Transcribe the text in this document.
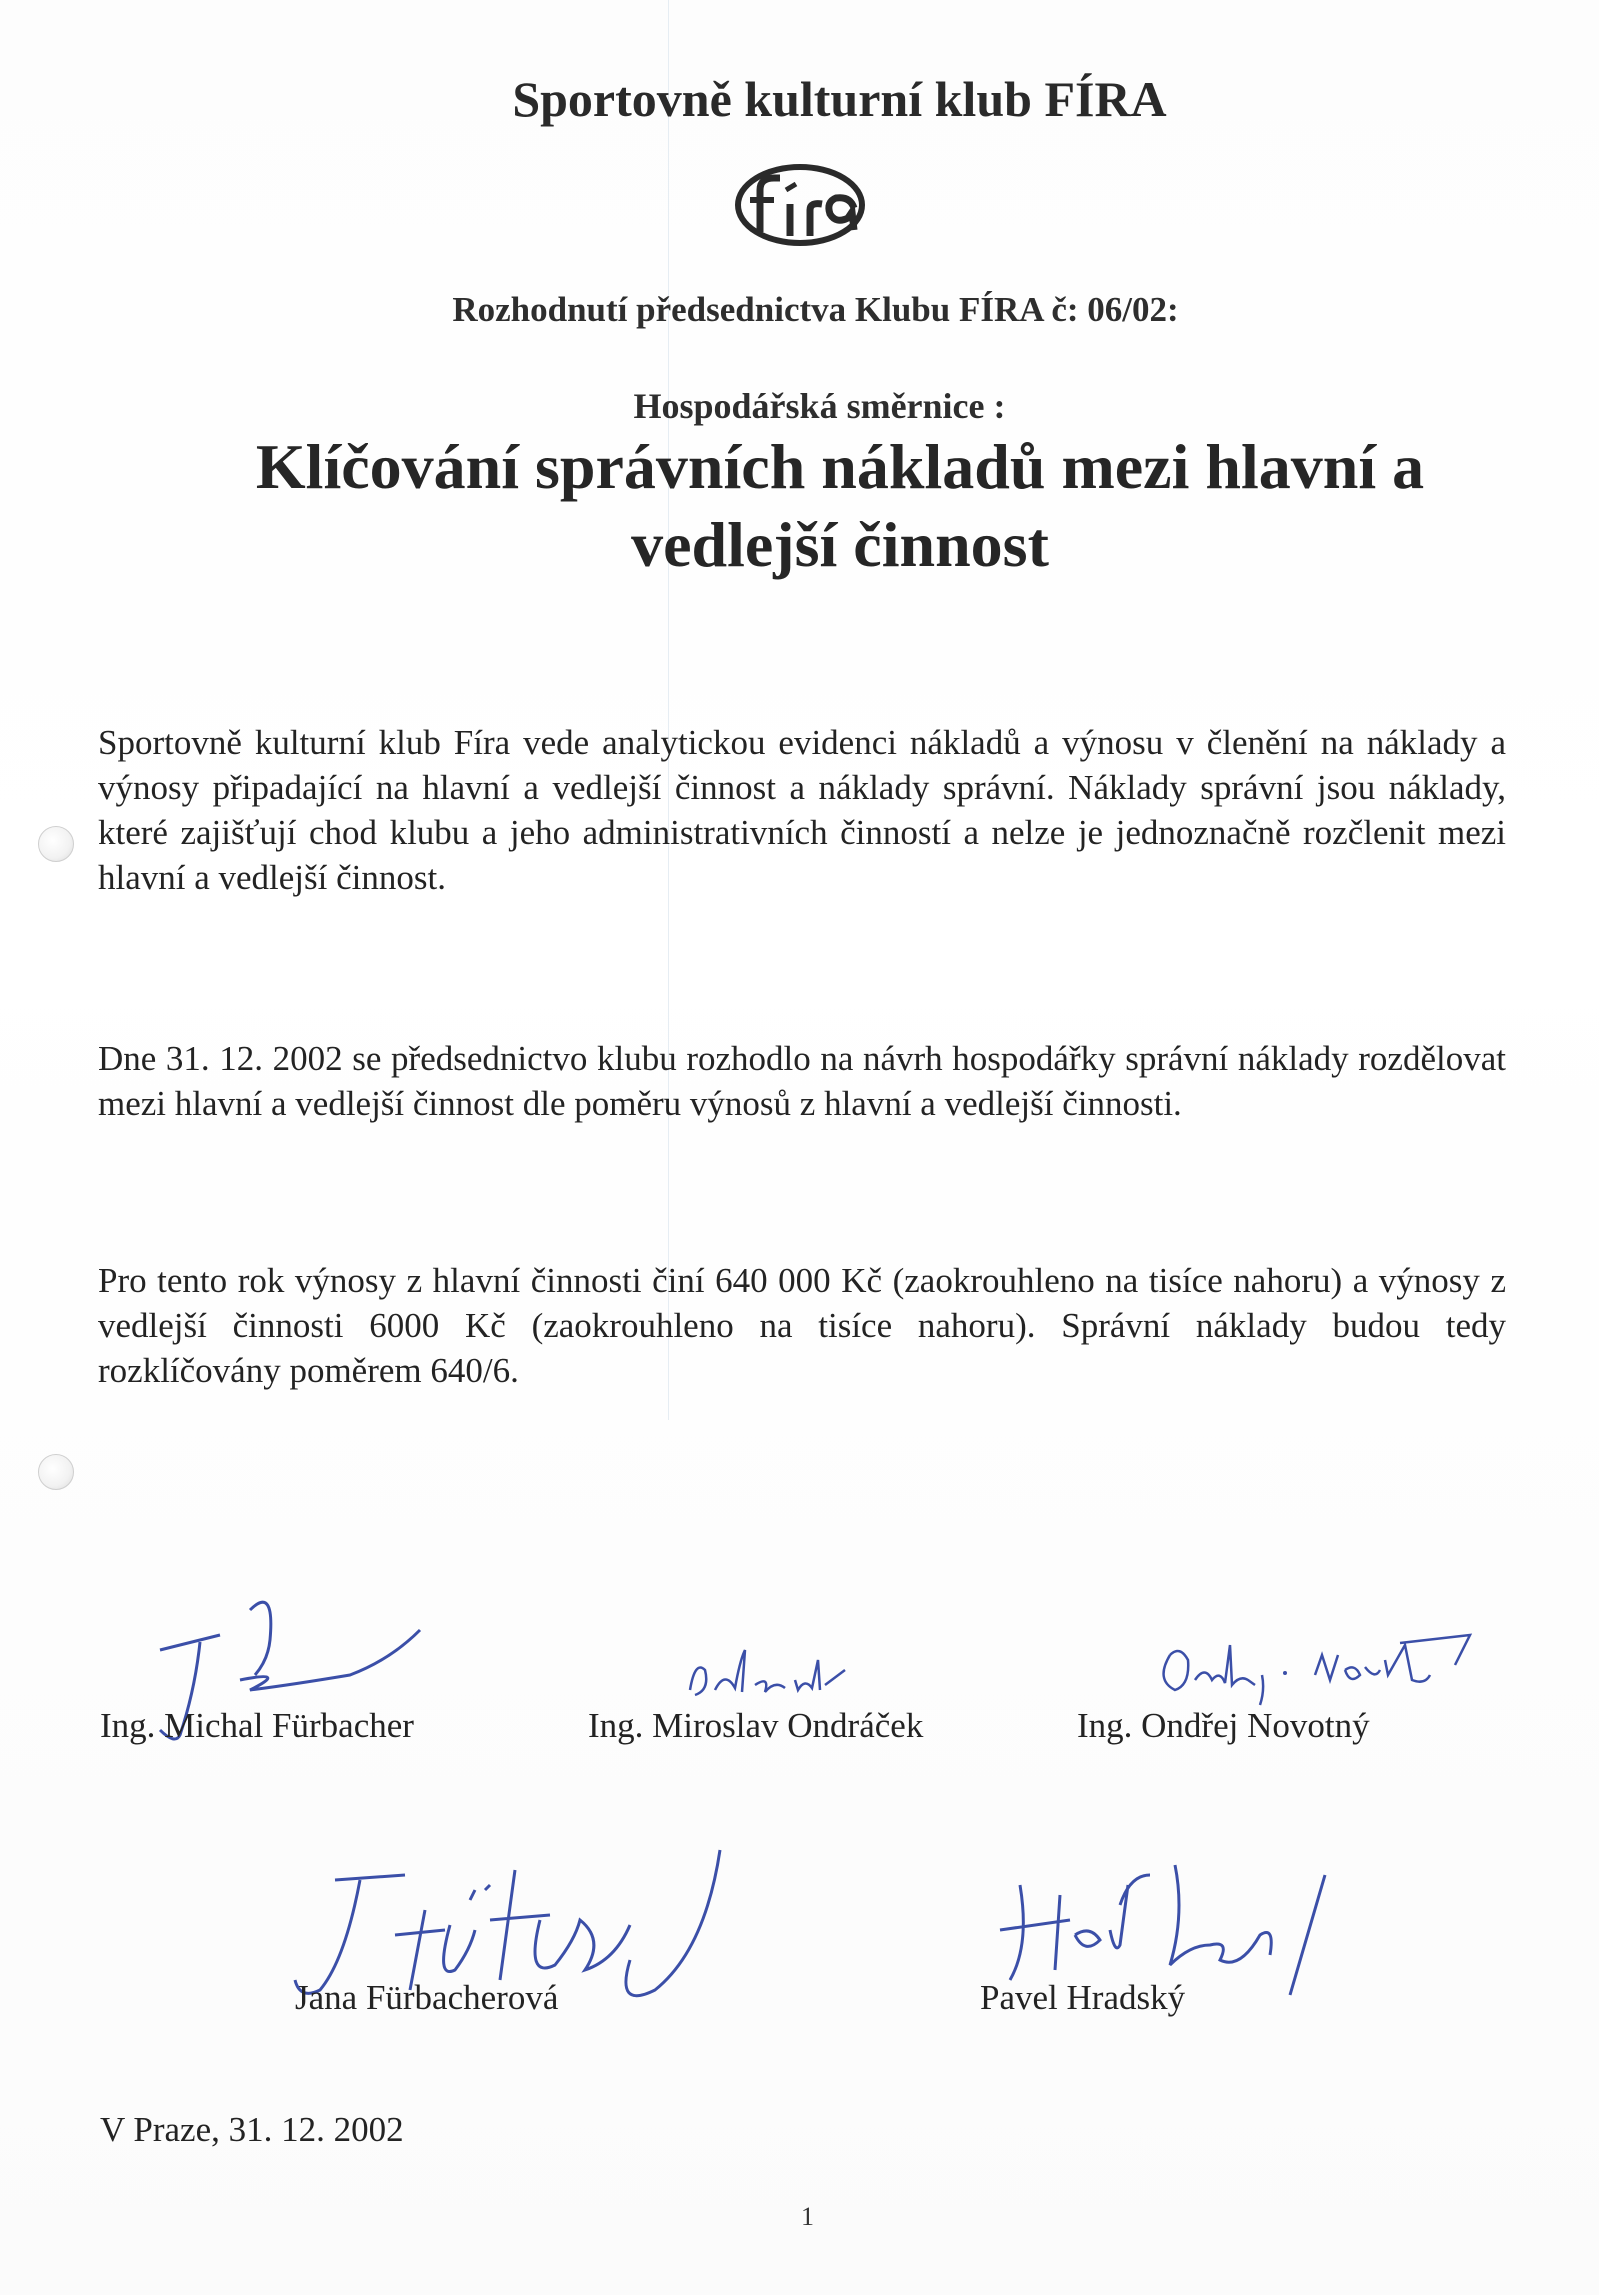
Sportovně kulturní klub FÍRA
Rozhodnutí předsednictva Klubu FÍRA č: 06/02:
Hospodářská směrnice :
Klíčování správních nákladů mezi hlavní a vedlejší činnost
Sportovně kulturní klub Fíra vede analytickou evidenci nákladů a výnosu v členění na náklady a výnosy připadající na hlavní a vedlejší činnost a náklady správní. Náklady správní jsou náklady, které zajišťují chod klubu a jeho administrativních činností a nelze je jednoznačně rozčlenit mezi hlavní a vedlejší činnost.
Dne 31. 12. 2002 se předsednictvo klubu rozhodlo na návrh hospodářky správní náklady rozdělovat mezi hlavní a vedlejší činnost dle poměru výnosů z hlavní a vedlejší činnosti.
Pro tento rok výnosy z hlavní činnosti činí 640 000 Kč (zaokrouhleno na tisíce nahoru) a výnosy z vedlejší činnosti 6000 Kč (zaokrouhleno na tisíce nahoru). Správní náklady budou tedy rozklíčovány poměrem 640/6.
Ing. Michal Fürbacher	Ing. Miroslav Ondráček	Ing. Ondřej Novotný
Jana Fürbacherová	Pavel Hradský
V Praze, 31. 12. 2002
1
